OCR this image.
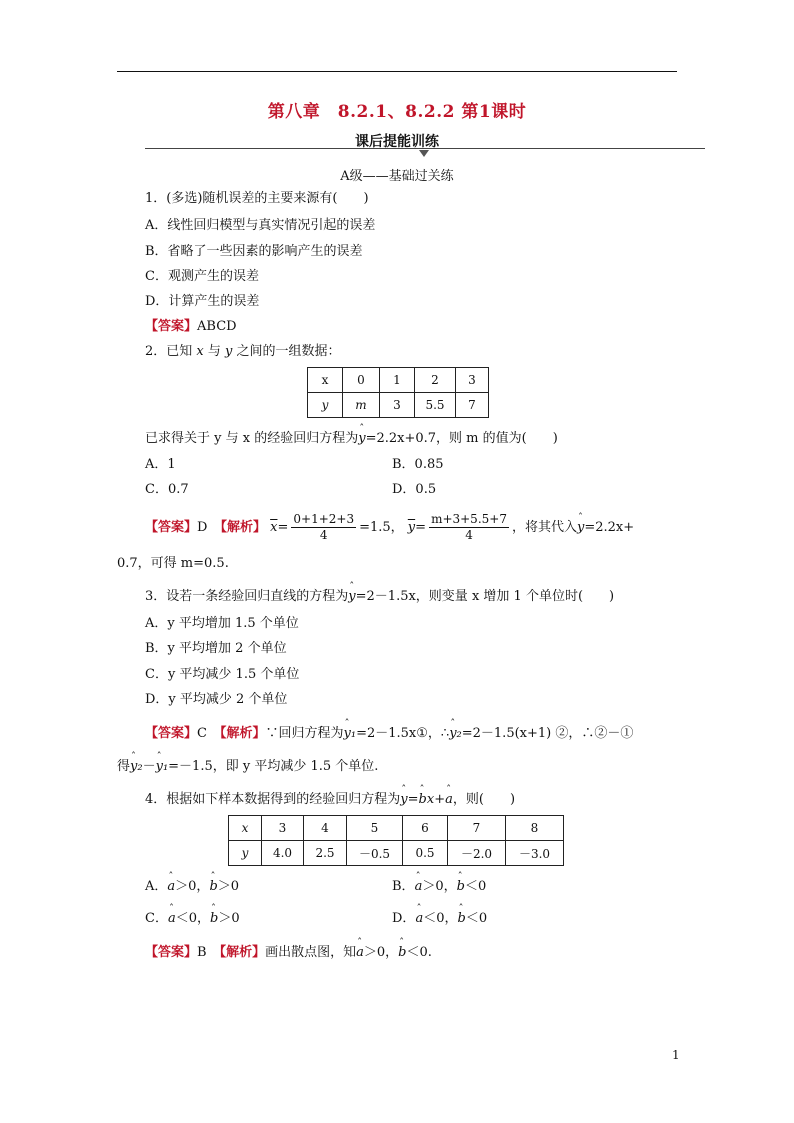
第八章　8.2.1、8.2.2 第1课时
课后提能训练
A级——基础过关练
1．(多选)随机误差的主要来源有(　　)
A．线性回归模型与真实情况引起的误差
B．省略了一些因素的影响产生的误差
C．观测产生的误差
D．计算产生的误差
【答案】ABCD
2．已知 x 与 y 之间的一组数据：
x	0	1	2	3
y	m	3	5.5	7
已求得关于 y 与 x 的经验回归方程为ˆ y=2.2x+0.7，则 m 的值为(　　)
A．1	B．0.85
C．0.7	D．0.5
【答案】D　 【解析】 $\overline{x}= \frac{0+1+2+3}{4} =1.5$， $\overline{y}= \frac{m+3+5.5+7}{4}$ ，将其代入ˆ y=2.2x+
0.7，可得 m=0.5.
3．设若一条经验回归直线的方程为ˆ y=2－1.5x，则变量 x 增加 1 个单位时(　　)
A．y 平均增加 1.5 个单位
B．y 平均增加 2 个单位
C．y 平均减少 1.5 个单位
D．y 平均减少 2 个单位
【答案】C　 【解析】∵回归方程为ˆ y₁=2－1.5x①，∴ˆ y₂=2－1.5(x+1) ②，∴②－①
得ˆ y₂－ˆ y₁=－1.5，即 y 平均减少 1.5 个单位.
4．根据如下样本数据得到的经验回归方程为ˆ y=ˆ bx+ˆ a，则(　　)
x	3	4	5	6	7	8
y	4.0	2.5	－0.5	0.5	－2.0	－3.0
A．ˆ a＞0，ˆ b＞0	B．ˆ a＞0，ˆ b＜0
C．ˆ a＜0，ˆ b＞0	D．ˆ a＜0，ˆ b＜0
【答案】B　 【解析】画出散点图，知ˆ a＞0，ˆ b＜0.
1
